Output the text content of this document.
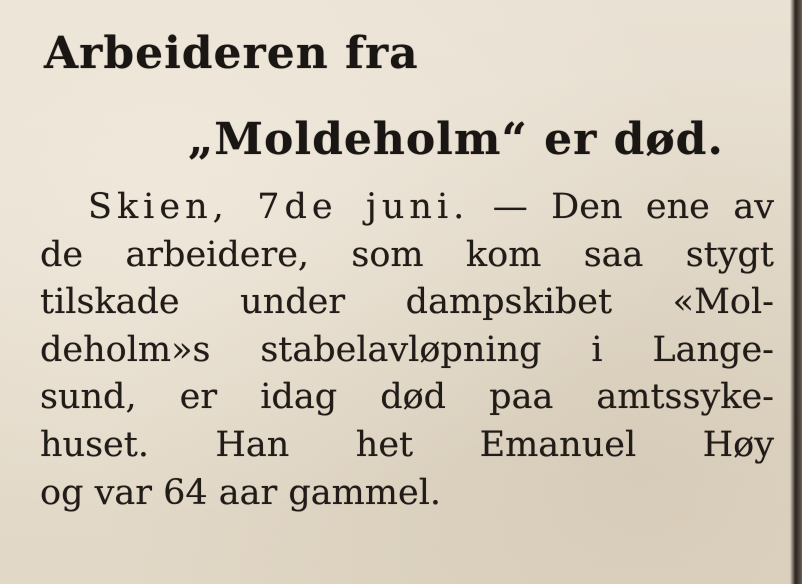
Arbeideren fra
„Moldeholm“ er død.
Skien, 7de juni. — Den ene av
de arbeidere, som kom saa stygt
tilskade under dampskibet «Mol-
deholm»s stabelavløpning i Lange-
sund, er idag død paa amtssyke-
huset. Han het Emanuel Høy
og var 64 aar gammel.
